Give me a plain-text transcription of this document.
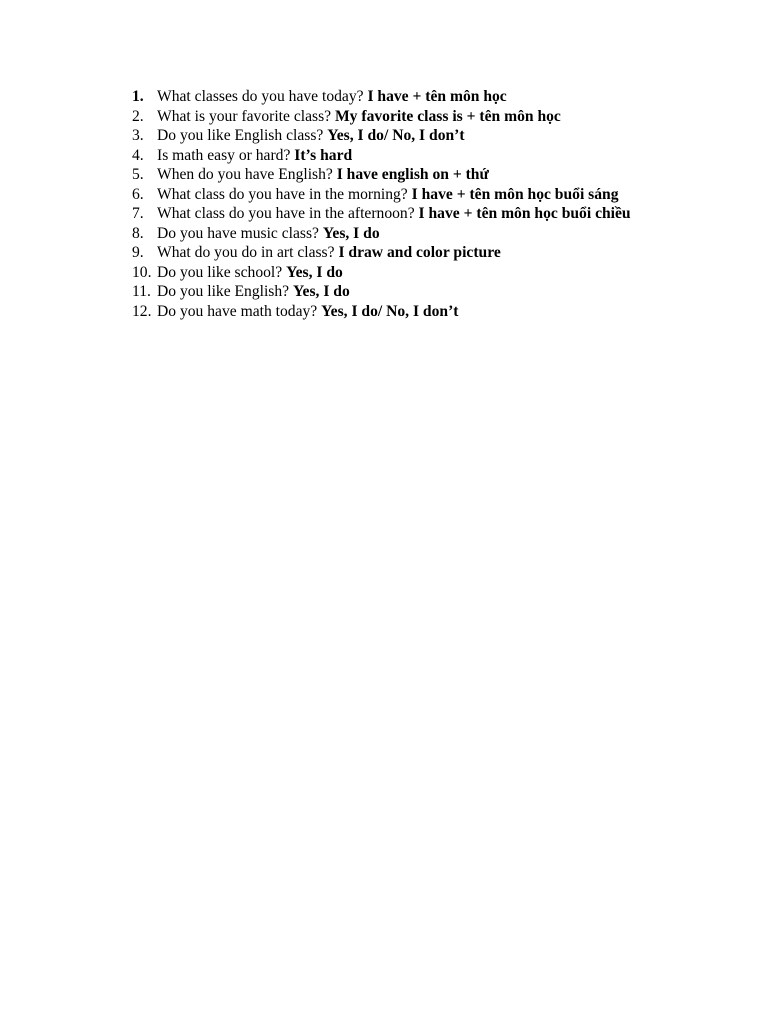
1. What classes do you have today? I have + tên môn học
2. What is your favorite class? My favorite class is + tên môn học
3. Do you like English class? Yes, I do/ No, I don’t
4. Is math easy or hard? It’s hard
5. When do you have English? I have english on + thứ
6. What class do you have in the morning? I have + tên môn học buổi sáng
7. What class do you have in the afternoon? I have + tên môn học buổi chiều
8. Do you have music class? Yes, I do
9. What do you do in art class? I draw and color picture
10. Do you like school? Yes, I do
11. Do you like English? Yes, I do
12. Do you have math today? Yes, I do/ No, I don’t
